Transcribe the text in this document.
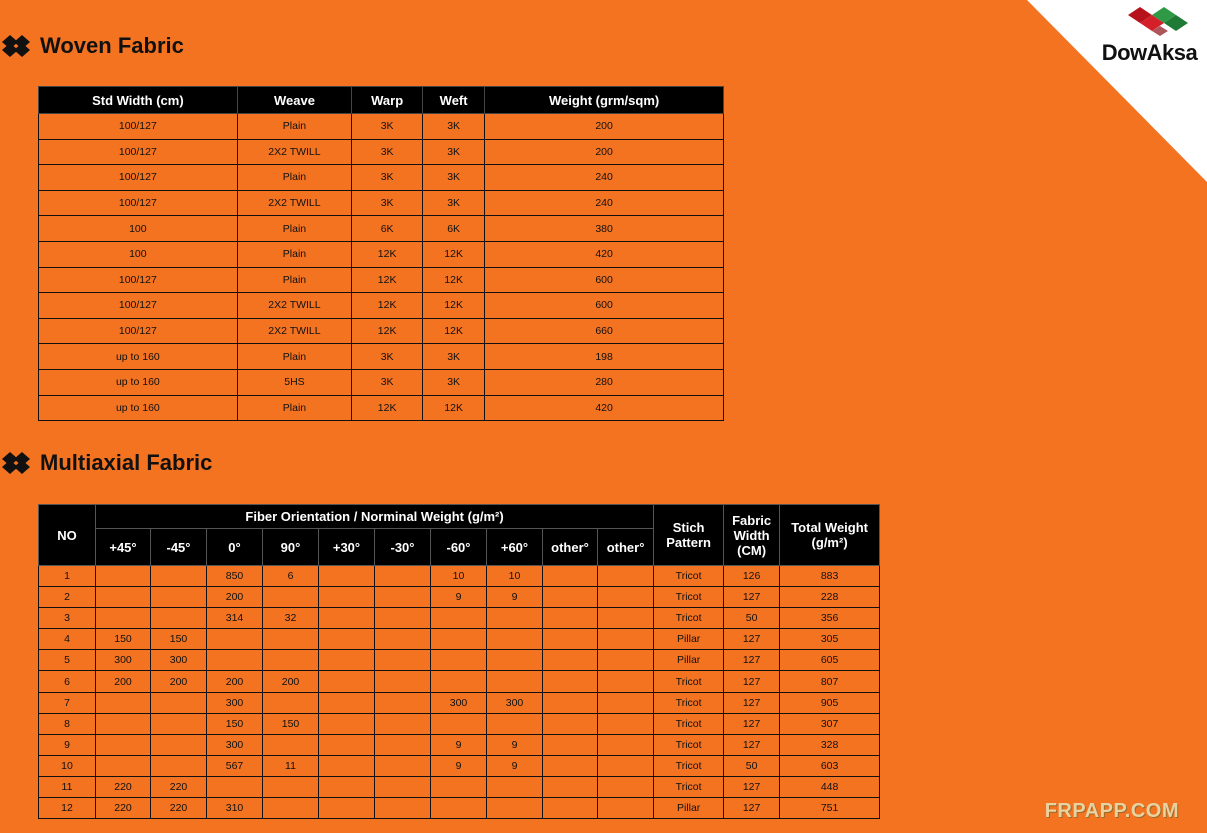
DowAksa
Woven Fabric
Std Width (cm)	Weave	Warp	Weft	Weight (grm/sqm)
100/127	Plain	3K	3K	200
100/127	2X2 TWILL	3K	3K	200
100/127	Plain	3K	3K	240
100/127	2X2 TWILL	3K	3K	240
100	Plain	6K	6K	380
100	Plain	12K	12K	420
100/127	Plain	12K	12K	600
100/127	2X2 TWILL	12K	12K	600
100/127	2X2 TWILL	12K	12K	660
up to 160	Plain	3K	3K	198
up to 160	5HS	3K	3K	280
up to 160	Plain	12K	12K	420
Multiaxial Fabric
NO	Fiber Orientation / Norminal Weight (g/m²)										Stich Pattern	Fabric Width (CM)	Total Weight (g/m²)
	+45°	-45°	0°	90°	+30°	-30°	-60°	+60°	other°	other°			
1			850	6			10	10			Tricot	126	883
2			200				9	9			Tricot	127	228
3			314	32							Tricot	50	356
4	150	150									Pillar	127	305
5	300	300									Pillar	127	605
6	200	200	200	200							Tricot	127	807
7			300				300	300			Tricot	127	905
8			150	150							Tricot	127	307
9			300				9	9			Tricot	127	328
10			567	11			9	9			Tricot	50	603
11	220	220									Tricot	127	448
12	220	220	310								Pillar	127	751	FRPAPP.COM
